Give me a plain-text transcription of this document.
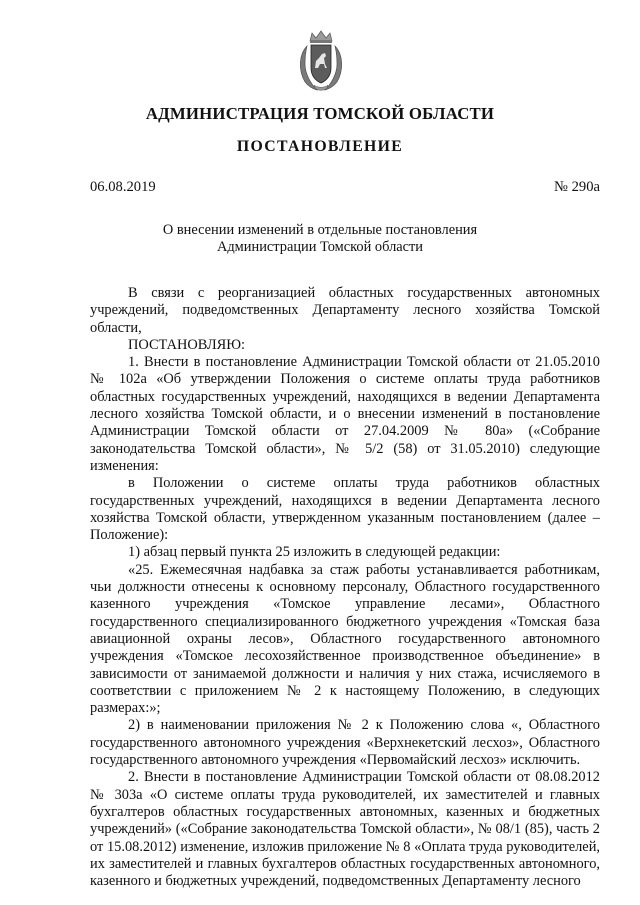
АДМИНИСТРАЦИЯ ТОМСКОЙ ОБЛАСТИ
ПОСТАНОВЛЕНИЕ
06.08.2019	№ 290а
О внесении изменений в отдельные постановления
Администрации Томской области

В связи с реорганизацией областных государственных автономных учреждений, подведомственных Департаменту лесного хозяйства Томской области,

ПОСТАНОВЛЯЮ:

1. Внести в постановление Администрации Томской области от 21.05.2010 № 102а «Об утверждении Положения о системе оплаты труда работников областных государственных учреждений, находящихся в ведении Департамента лесного хозяйства Томской области, и о внесении изменений в постановление Администрации Томской области от 27.04.2009 № 80а» («Собрание законодательства Томской области», № 5/2 (58) от 31.05.2010) следующие изменения:

в Положении о системе оплаты труда работников областных государственных учреждений, находящихся в ведении Департамента лесного хозяйства Томской области, утвержденном указанным постановлением (далее – Положение):

1) абзац первый пункта 25 изложить в следующей редакции:

«25. Ежемесячная надбавка за стаж работы устанавливается работникам, чьи должности отнесены к основному персоналу, Областного государственного казенного учреждения «Томское управление лесами», Областного государственного специализированного бюджетного учреждения «Томская база авиационной охраны лесов», Областного государственного автономного учреждения «Томское лесохозяйственное производственное объединение» в зависимости от занимаемой должности и наличия у них стажа, исчисляемого в соответствии с приложением № 2 к настоящему Положению, в следующих размерах:»;

2) в наименовании приложения № 2 к Положению слова «, Областного государственного автономного учреждения «Верхнекетский лесхоз», Областного государственного автономного учреждения «Первомайский лесхоз» исключить.

2. Внести в постановление Администрации Томской области от 08.08.2012 № 303а «О системе оплаты труда руководителей, их заместителей и главных бухгалтеров областных государственных автономных, казенных и бюджетных учреждений» («Собрание законодательства Томской области», № 08/1 (85), часть 2 от 15.08.2012) изменение, изложив приложение № 8 «Оплата труда руководителей, их заместителей и главных бухгалтеров областных государственных автономного, казенного и бюджетных учреждений, подведомственных Департаменту лесного
